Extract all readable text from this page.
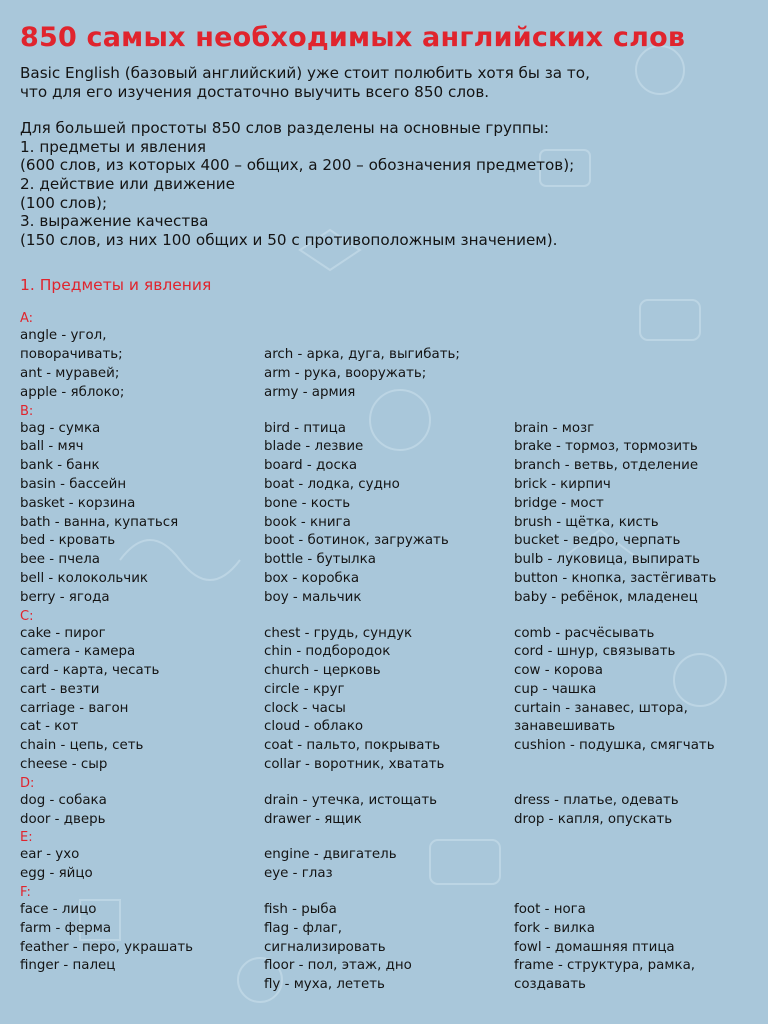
850 самых необходимых английских слов

Basic English (базовый английский) уже стоит полюбить хотя бы за то,

что для его изучения достаточно выучить всего 850 слов.

Для большей простоты 850 слов разделены на основные группы:

1. предметы и явления

(600 слов, из которых 400 – общих, а 200 – обозначения предметов);

2. действие или движение

(100 слов);

3. выражение качества

(150 слов, из них 100 общих и 50 с противоположным значением).

1. Предметы и явления
A:
angle - угол,
поворачивать;
ant - муравей;
apple - яблоко;
arch - арка, дуга, выгибать;
arm - рука, вооружать;
army - армия
B:
bag - сумка
ball - мяч
bank - банк
basin - бассейн
basket - корзина
bath - ванна, купаться
bed - кровать
bee - пчела
bell - колокольчик
berry - ягода
bird - птица
blade - лезвие
board - доска
boat - лодка, судно
bone - кость
book - книга
boot - ботинок, загружать
bottle - бутылка
box - коробка
boy - мальчик
brain - мозг
brake - тормоз, тормозить
branch - ветвь, отделение
brick - кирпич
bridge - мост
brush - щётка, кисть
bucket - ведро, черпать
bulb - луковица, выпирать
button - кнопка, застёгивать
baby - ребёнок, младенец
C:
cake - пирог
camera - камера
card - карта, чесать
cart - везти
carriage - вагон
cat - кот
chain - цепь, сеть
cheese - сыр
chest - грудь, сундук
chin - подбородок
church - церковь
circle - круг
clock - часы
cloud - облако
coat - пальто, покрывать
collar - воротник, хватать
comb - расчёсывать
cord - шнур, связывать
cow - корова
cup - чашка
curtain - занавес, штора,
занавешивать
cushion - подушка, смягчать
D:
dog - собака
door - дверь
drain - утечка, истощать
drawer - ящик
dress - платье, одевать
drop - капля, опускать
E:
ear - ухо
egg - яйцо
engine - двигатель
eye - глаз
F:
face - лицо
farm - ферма
feather - перо, украшать
finger - палец
fish - рыба
flag - флаг,
сигнализировать
floor - пол, этаж, дно
fly - муха, лететь
foot - нога
fork - вилка
fowl - домашняя птица
frame - структура, рамка,
создавать
